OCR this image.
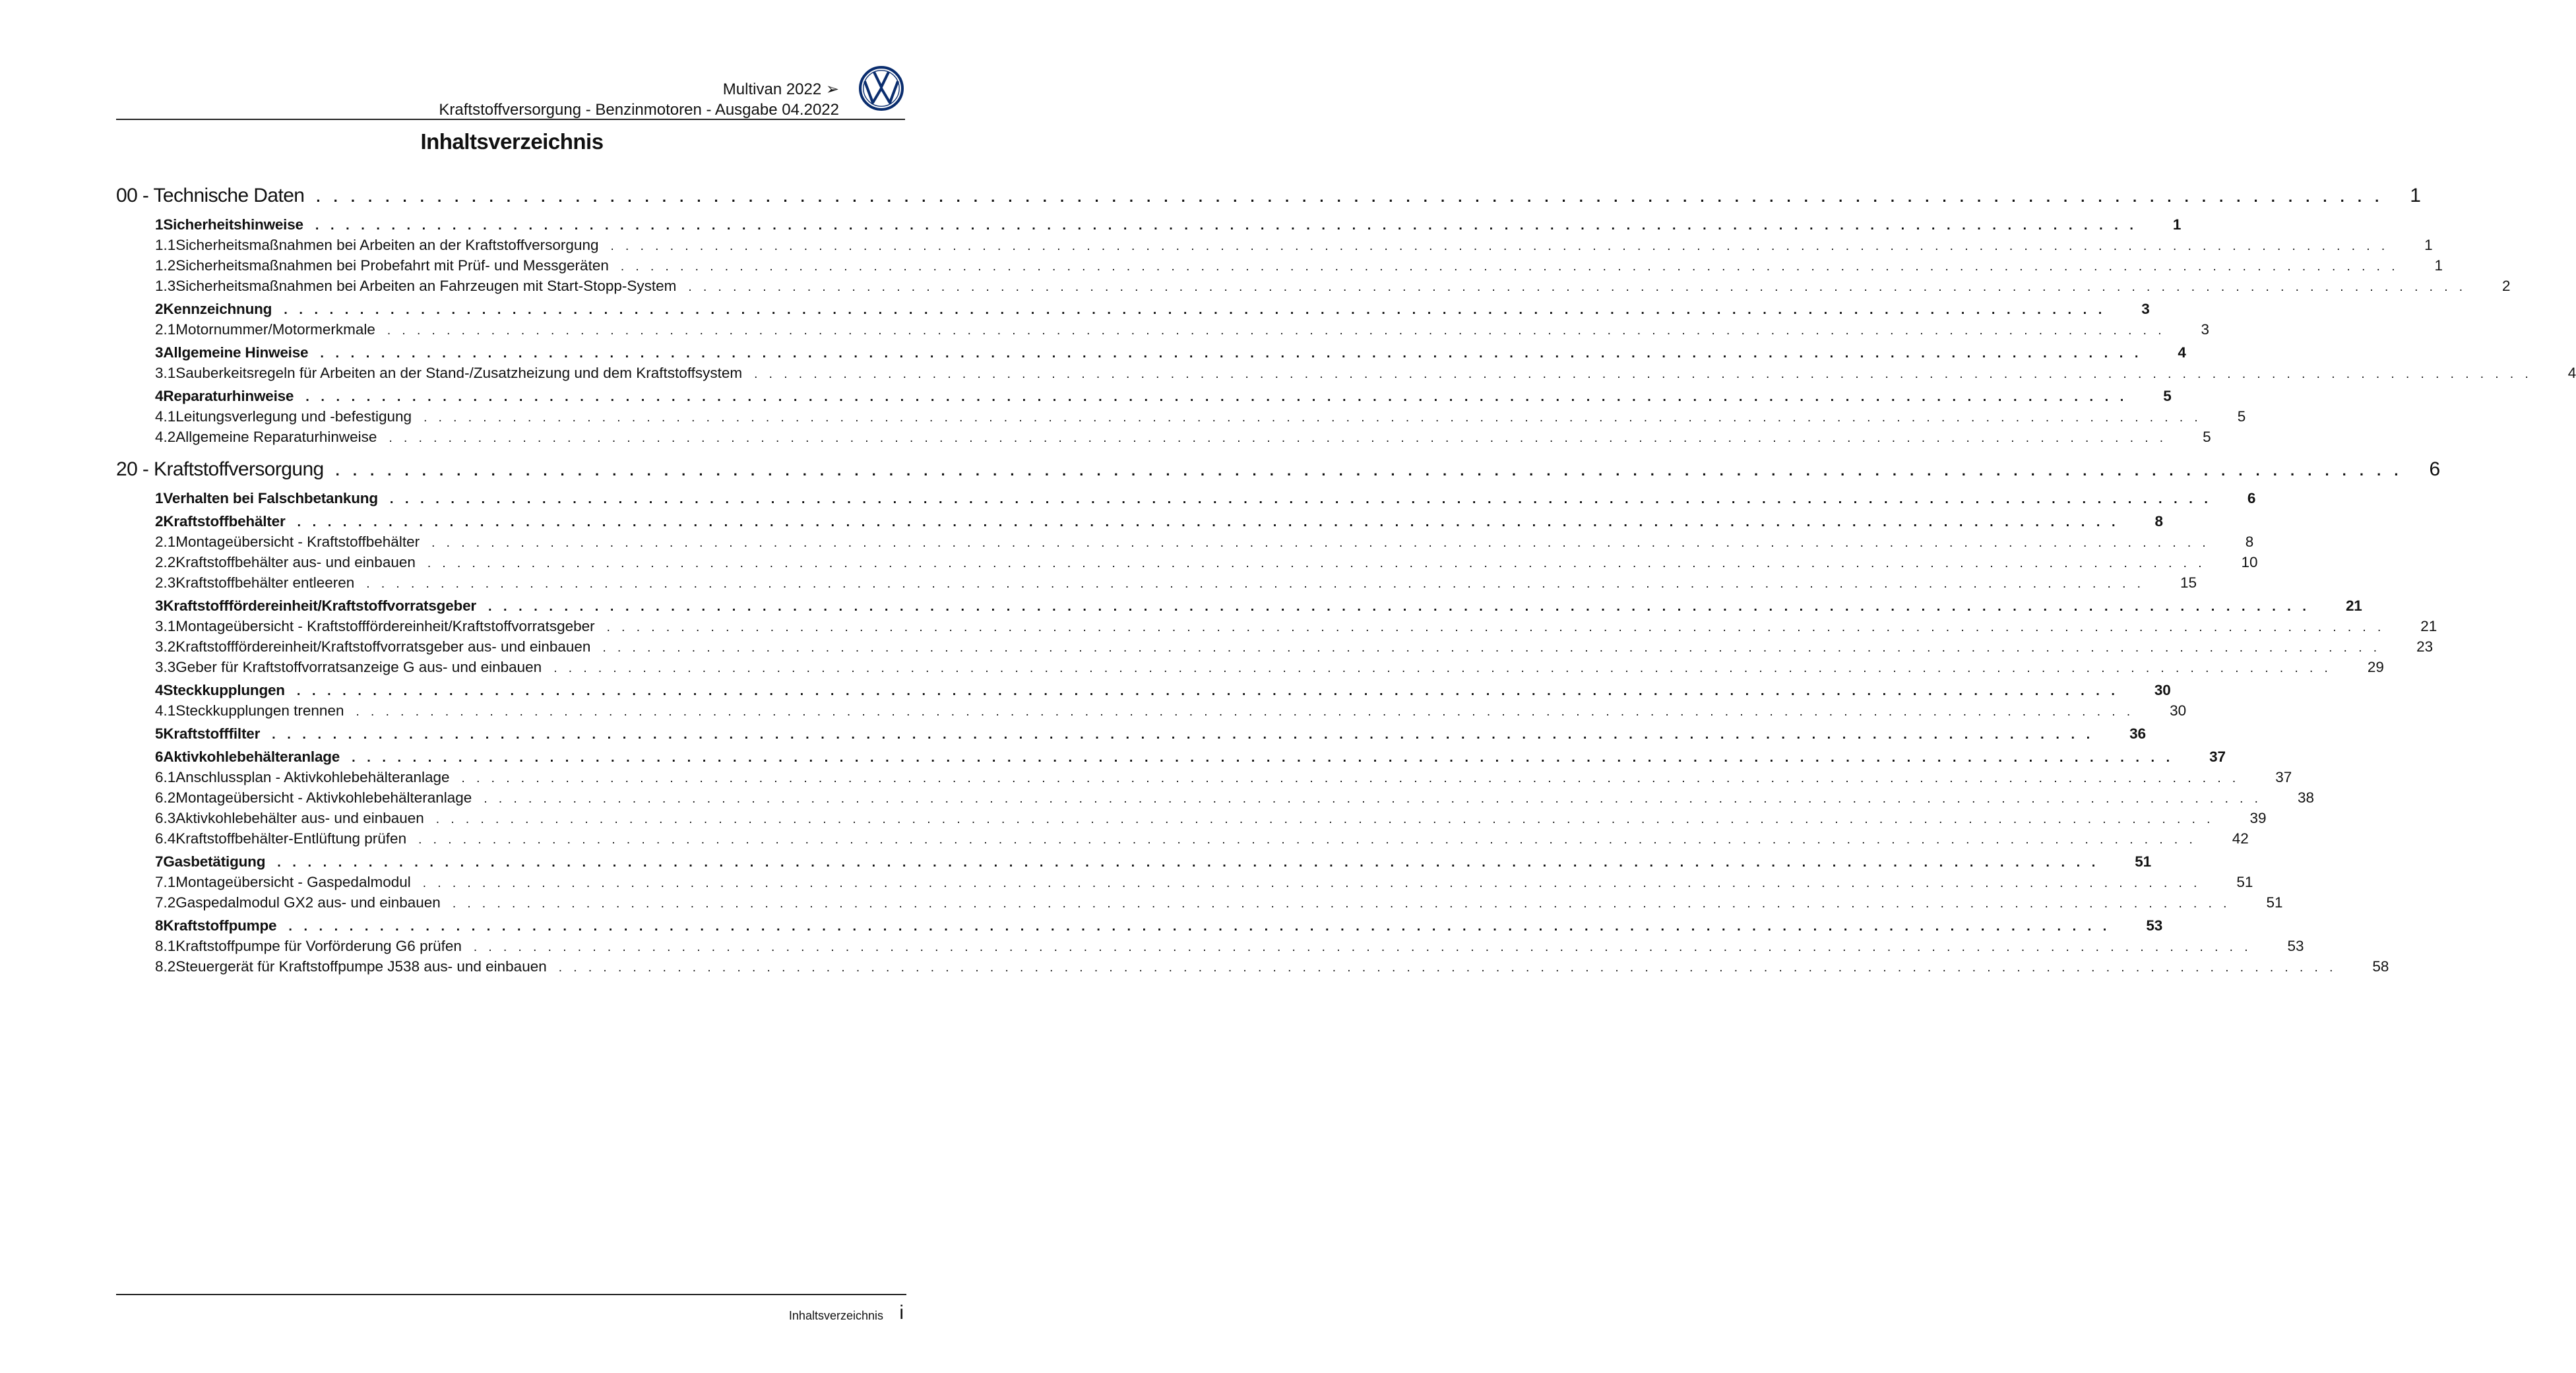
Multivan 2022 ➢
Kraftstoffversorgung - Benzinmotoren - Ausgabe 04.2022
Inhaltsverzeichnis
00 - Technische Daten . . . . . . . . . . . . . . . . . . . . . . . . . . . . . . . . . . . . . . . . . . . . . . . . . . . . . . . . . . . . . . . . . . . . . . . . . . . . . . . . . . . . . . . . . . . . . . . . . . . . . . . . . . . . . . . . . . . . . . . . 1
1 Sicherheitshinweise . . . . . . . . . . . . . . . . . . . . . . . . . . . . . . . . . . . . . . . . . . . . . . . . . . . . . . . . . . . . . . . . . . . . . . . . . . . . . . . . . . . . . . . . . . . . . . . . . . . . . . . . . . . . . . . . . . . . . . . . 1
1.1 Sicherheitsmaßnahmen bei Arbeiten an der Kraftstoffversorgung . . . . . . . . . . . . . . . . . . . . . . . . . . . . . . . . . . . . . . . . . . . . . . . . . . . . . . . . . . . . . . . . . . . . . . . . . . . . . . . . . . . . . . . . . . . . . . . . . . . . . . . . . . . . . . . . . . . . . . . . 1
1.2 Sicherheitsmaßnahmen bei Probefahrt mit Prüf- und Messgeräten . . . . . . . . . . . . . . . . . . . . . . . . . . . . . . . . . . . . . . . . . . . . . . . . . . . . . . . . . . . . . . . . . . . . . . . . . . . . . . . . . . . . . . . . . . . . . . . . . . . . . . . . . . . . . . . . . . . . . . . . 1
1.3 Sicherheitsmaßnahmen bei Arbeiten an Fahrzeugen mit Start-Stopp-System . . . . . . . . . . . . . . . . . . . . . . . . . . . . . . . . . . . . . . . . . . . . . . . . . . . . . . . . . . . . . . . . . . . . . . . . . . . . . . . . . . . . . . . . . . . . . . . . . . . . . . . . . . . . . . . . . . . . . . . . 2
2 Kennzeichnung . . . . . . . . . . . . . . . . . . . . . . . . . . . . . . . . . . . . . . . . . . . . . . . . . . . . . . . . . . . . . . . . . . . . . . . . . . . . . . . . . . . . . . . . . . . . . . . . . . . . . . . . . . . . . . . . . . . . . . . . 3
2.1 Motornummer/Motormerkmale . . . . . . . . . . . . . . . . . . . . . . . . . . . . . . . . . . . . . . . . . . . . . . . . . . . . . . . . . . . . . . . . . . . . . . . . . . . . . . . . . . . . . . . . . . . . . . . . . . . . . . . . . . . . . . . . . . . . . . . . 3
3 Allgemeine Hinweise . . . . . . . . . . . . . . . . . . . . . . . . . . . . . . . . . . . . . . . . . . . . . . . . . . . . . . . . . . . . . . . . . . . . . . . . . . . . . . . . . . . . . . . . . . . . . . . . . . . . . . . . . . . . . . . . . . . . . . . . 4
3.1 Sauberkeitsregeln für Arbeiten an der Stand-/Zusatzheizung und dem Kraftstoffsystem . . . . . . . . . . . . . . . . . . . . . . . . . . . . . . . . . . . . . . . . . . . . . . . . . . . . . . . . . . . . . . . . . . . . . . . . . . . . . . . . . . . . . . . . . . . . . . . . . . . . . . . . . . . . . . . . . . . . . . . . 4
4 Reparaturhinweise . . . . . . . . . . . . . . . . . . . . . . . . . . . . . . . . . . . . . . . . . . . . . . . . . . . . . . . . . . . . . . . . . . . . . . . . . . . . . . . . . . . . . . . . . . . . . . . . . . . . . . . . . . . . . . . . . . . . . . . . 5
4.1 Leitungsverlegung und -befestigung . . . . . . . . . . . . . . . . . . . . . . . . . . . . . . . . . . . . . . . . . . . . . . . . . . . . . . . . . . . . . . . . . . . . . . . . . . . . . . . . . . . . . . . . . . . . . . . . . . . . . . . . . . . . . . . . . . . . . . . . 5
4.2 Allgemeine Reparaturhinweise . . . . . . . . . . . . . . . . . . . . . . . . . . . . . . . . . . . . . . . . . . . . . . . . . . . . . . . . . . . . . . . . . . . . . . . . . . . . . . . . . . . . . . . . . . . . . . . . . . . . . . . . . . . . . . . . . . . . . . . . 5
20 - Kraftstoffversorgung . . . . . . . . . . . . . . . . . . . . . . . . . . . . . . . . . . . . . . . . . . . . . . . . . . . . . . . . . . . . . . . . . . . . . . . . . . . . . . . . . . . . . . . . . . . . . . . . . . . . . . . . . . . . . . . . . . . . . . . . 6
1 Verhalten bei Falschbetankung . . . . . . . . . . . . . . . . . . . . . . . . . . . . . . . . . . . . . . . . . . . . . . . . . . . . . . . . . . . . . . . . . . . . . . . . . . . . . . . . . . . . . . . . . . . . . . . . . . . . . . . . . . . . . . . . . . . . . . . . 6
2 Kraftstoffbehälter . . . . . . . . . . . . . . . . . . . . . . . . . . . . . . . . . . . . . . . . . . . . . . . . . . . . . . . . . . . . . . . . . . . . . . . . . . . . . . . . . . . . . . . . . . . . . . . . . . . . . . . . . . . . . . . . . . . . . . . . 8
2.1 Montageübersicht - Kraftstoffbehälter . . . . . . . . . . . . . . . . . . . . . . . . . . . . . . . . . . . . . . . . . . . . . . . . . . . . . . . . . . . . . . . . . . . . . . . . . . . . . . . . . . . . . . . . . . . . . . . . . . . . . . . . . . . . . . . . . . . . . . . . 8
2.2 Kraftstoffbehälter aus- und einbauen . . . . . . . . . . . . . . . . . . . . . . . . . . . . . . . . . . . . . . . . . . . . . . . . . . . . . . . . . . . . . . . . . . . . . . . . . . . . . . . . . . . . . . . . . . . . . . . . . . . . . . . . . . . . . . . . . . . . . . . . 10
2.3 Kraftstoffbehälter entleeren . . . . . . . . . . . . . . . . . . . . . . . . . . . . . . . . . . . . . . . . . . . . . . . . . . . . . . . . . . . . . . . . . . . . . . . . . . . . . . . . . . . . . . . . . . . . . . . . . . . . . . . . . . . . . . . . . . . . . . . . 15
3 Kraftstofffördereinheit/Kraftstoffvorratsgeber . . . . . . . . . . . . . . . . . . . . . . . . . . . . . . . . . . . . . . . . . . . . . . . . . . . . . . . . . . . . . . . . . . . . . . . . . . . . . . . . . . . . . . . . . . . . . . . . . . . . . . . . . . . . . . . . . . . . . . . . 21
3.1 Montageübersicht - Kraftstofffördereinheit/Kraftstoffvorratsgeber . . . . . . . . . . . . . . . . . . . . . . . . . . . . . . . . . . . . . . . . . . . . . . . . . . . . . . . . . . . . . . . . . . . . . . . . . . . . . . . . . . . . . . . . . . . . . . . . . . . . . . . . . . . . . . . . . . . . . . . . 21
3.2 Kraftstofffördereinheit/Kraftstoffvorratsgeber aus- und einbauen . . . . . . . . . . . . . . . . . . . . . . . . . . . . . . . . . . . . . . . . . . . . . . . . . . . . . . . . . . . . . . . . . . . . . . . . . . . . . . . . . . . . . . . . . . . . . . . . . . . . . . . . . . . . . . . . . . . . . . . . 23
3.3 Geber für Kraftstoffvorratsanzeige G aus- und einbauen . . . . . . . . . . . . . . . . . . . . . . . . . . . . . . . . . . . . . . . . . . . . . . . . . . . . . . . . . . . . . . . . . . . . . . . . . . . . . . . . . . . . . . . . . . . . . . . . . . . . . . . . . . . . . . . . . . . . . . . . 29
4 Steckkupplungen . . . . . . . . . . . . . . . . . . . . . . . . . . . . . . . . . . . . . . . . . . . . . . . . . . . . . . . . . . . . . . . . . . . . . . . . . . . . . . . . . . . . . . . . . . . . . . . . . . . . . . . . . . . . . . . . . . . . . . . . 30
4.1 Steckkupplungen trennen . . . . . . . . . . . . . . . . . . . . . . . . . . . . . . . . . . . . . . . . . . . . . . . . . . . . . . . . . . . . . . . . . . . . . . . . . . . . . . . . . . . . . . . . . . . . . . . . . . . . . . . . . . . . . . . . . . . . . . . . 30
5 Kraftstofffilter . . . . . . . . . . . . . . . . . . . . . . . . . . . . . . . . . . . . . . . . . . . . . . . . . . . . . . . . . . . . . . . . . . . . . . . . . . . . . . . . . . . . . . . . . . . . . . . . . . . . . . . . . . . . . . . . . . . . . . . . 36
6 Aktivkohlebehälteranlage . . . . . . . . . . . . . . . . . . . . . . . . . . . . . . . . . . . . . . . . . . . . . . . . . . . . . . . . . . . . . . . . . . . . . . . . . . . . . . . . . . . . . . . . . . . . . . . . . . . . . . . . . . . . . . . . . . . . . . . . 37
6.1 Anschlussplan - Aktivkohlebehälteranlage . . . . . . . . . . . . . . . . . . . . . . . . . . . . . . . . . . . . . . . . . . . . . . . . . . . . . . . . . . . . . . . . . . . . . . . . . . . . . . . . . . . . . . . . . . . . . . . . . . . . . . . . . . . . . . . . . . . . . . . . 37
6.2 Montageübersicht - Aktivkohlebehälteranlage . . . . . . . . . . . . . . . . . . . . . . . . . . . . . . . . . . . . . . . . . . . . . . . . . . . . . . . . . . . . . . . . . . . . . . . . . . . . . . . . . . . . . . . . . . . . . . . . . . . . . . . . . . . . . . . . . . . . . . . . 38
6.3 Aktivkohlebehälter aus- und einbauen . . . . . . . . . . . . . . . . . . . . . . . . . . . . . . . . . . . . . . . . . . . . . . . . . . . . . . . . . . . . . . . . . . . . . . . . . . . . . . . . . . . . . . . . . . . . . . . . . . . . . . . . . . . . . . . . . . . . . . . . 39
6.4 Kraftstoffbehälter-Entlüftung prüfen . . . . . . . . . . . . . . . . . . . . . . . . . . . . . . . . . . . . . . . . . . . . . . . . . . . . . . . . . . . . . . . . . . . . . . . . . . . . . . . . . . . . . . . . . . . . . . . . . . . . . . . . . . . . . . . . . . . . . . . . 42
7 Gasbetätigung . . . . . . . . . . . . . . . . . . . . . . . . . . . . . . . . . . . . . . . . . . . . . . . . . . . . . . . . . . . . . . . . . . . . . . . . . . . . . . . . . . . . . . . . . . . . . . . . . . . . . . . . . . . . . . . . . . . . . . . . 51
7.1 Montageübersicht - Gaspedalmodul . . . . . . . . . . . . . . . . . . . . . . . . . . . . . . . . . . . . . . . . . . . . . . . . . . . . . . . . . . . . . . . . . . . . . . . . . . . . . . . . . . . . . . . . . . . . . . . . . . . . . . . . . . . . . . . . . . . . . . . . 51
7.2 Gaspedalmodul GX2 aus- und einbauen . . . . . . . . . . . . . . . . . . . . . . . . . . . . . . . . . . . . . . . . . . . . . . . . . . . . . . . . . . . . . . . . . . . . . . . . . . . . . . . . . . . . . . . . . . . . . . . . . . . . . . . . . . . . . . . . . . . . . . . . 51
8 Kraftstoffpumpe . . . . . . . . . . . . . . . . . . . . . . . . . . . . . . . . . . . . . . . . . . . . . . . . . . . . . . . . . . . . . . . . . . . . . . . . . . . . . . . . . . . . . . . . . . . . . . . . . . . . . . . . . . . . . . . . . . . . . . . . 53
8.1 Kraftstoffpumpe für Vorförderung G6 prüfen . . . . . . . . . . . . . . . . . . . . . . . . . . . . . . . . . . . . . . . . . . . . . . . . . . . . . . . . . . . . . . . . . . . . . . . . . . . . . . . . . . . . . . . . . . . . . . . . . . . . . . . . . . . . . . . . . . . . . . . . 53
8.2 Steuergerät für Kraftstoffpumpe J538 aus- und einbauen . . . . . . . . . . . . . . . . . . . . . . . . . . . . . . . . . . . . . . . . . . . . . . . . . . . . . . . . . . . . . . . . . . . . . . . . . . . . . . . . . . . . . . . . . . . . . . . . . . . . . . . . . . . . . . . . . . . . . . . . 58
Inhaltsverzeichnis i
